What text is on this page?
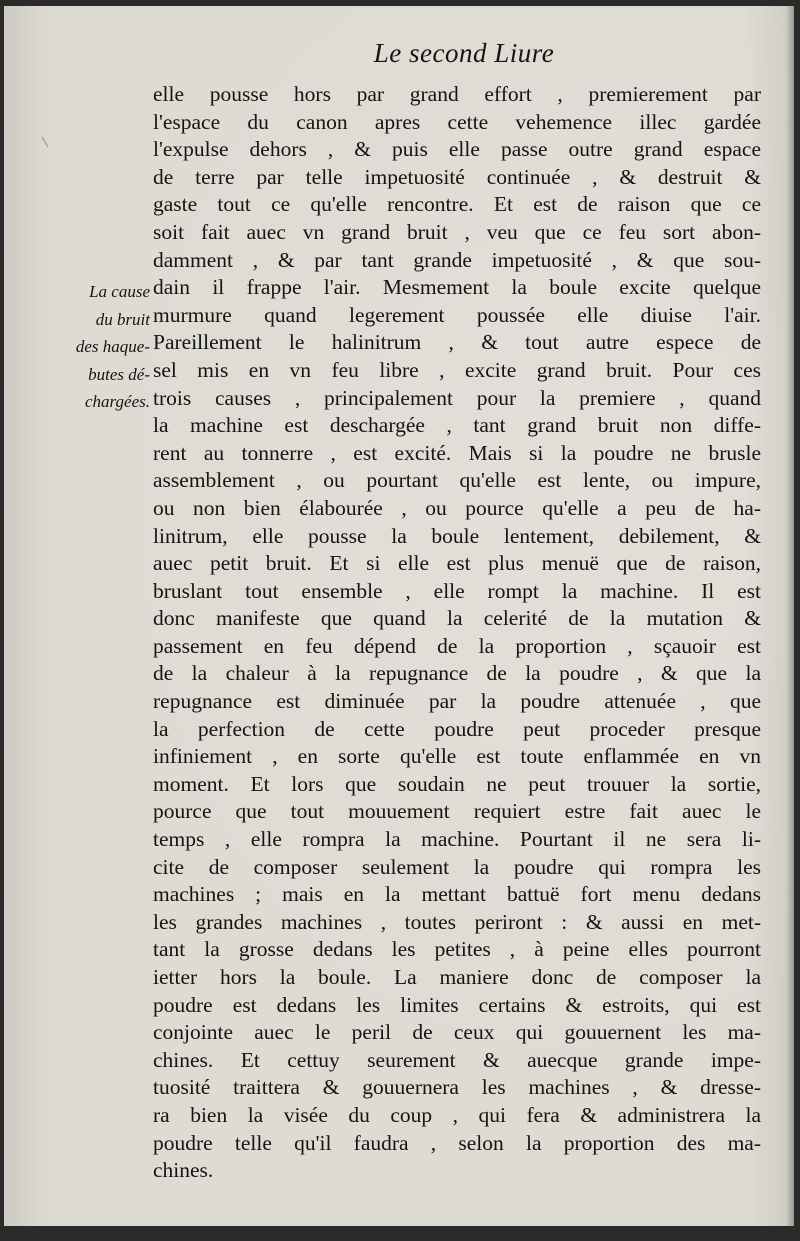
Le second Liure
La cause
du bruit
des haque-
butes dé-
chargées.
elle pousse hors par grand effort , premierement par
l'espace du canon apres cette vehemence illec gardée
l'expulse dehors , & puis elle passe outre grand espace
de terre par telle impetuosité continuée , & destruit &
gaste tout ce qu'elle rencontre. Et est de raison que ce
soit fait auec vn grand bruit , veu que ce feu sort abon-
damment , & par tant grande impetuosité , & que sou-
dain il frappe l'air. Mesmement la boule excite quelque
murmure quand legerement poussée elle diuise l'air.
Pareillement le halinitrum , & tout autre espece de
sel mis en vn feu libre , excite grand bruit. Pour ces
trois causes , principalement pour la premiere , quand
la machine est deschargée , tant grand bruit non diffe-
rent au tonnerre , est excité. Mais si la poudre ne brusle
assemblement , ou pourtant qu'elle est lente, ou impure,
ou non bien élabourée , ou pource qu'elle a peu de ha-
linitrum, elle pousse la boule lentement, debilement, &
auec petit bruit. Et si elle est plus menuë que de raison,
bruslant tout ensemble , elle rompt la machine. Il est
donc manifeste que quand la celerité de la mutation &
passement en feu dépend de la proportion , sçauoir est
de la chaleur à la repugnance de la poudre , & que la
repugnance est diminuée par la poudre attenuée , que
la perfection de cette poudre peut proceder presque
infiniement , en sorte qu'elle est toute enflammée en vn
moment. Et lors que soudain ne peut trouuer la sortie,
pource que tout mouuement requiert estre fait auec le
temps , elle rompra la machine. Pourtant il ne sera li-
cite de composer seulement la poudre qui rompra les
machines ; mais en la mettant battuë fort menu dedans
les grandes machines , toutes periront : & aussi en met-
tant la grosse dedans les petites , à peine elles pourront
ietter hors la boule. La maniere donc de composer la
poudre est dedans les limites certains & estroits, qui est
conjointe auec le peril de ceux qui gouuernent les ma-
chines. Et cettuy seurement & auecque grande impe-
tuosité traittera & gouuernera les machines , & dresse-
ra bien la visée du coup , qui fera & administrera la
poudre telle qu'il faudra , selon la proportion des ma-
chines.
